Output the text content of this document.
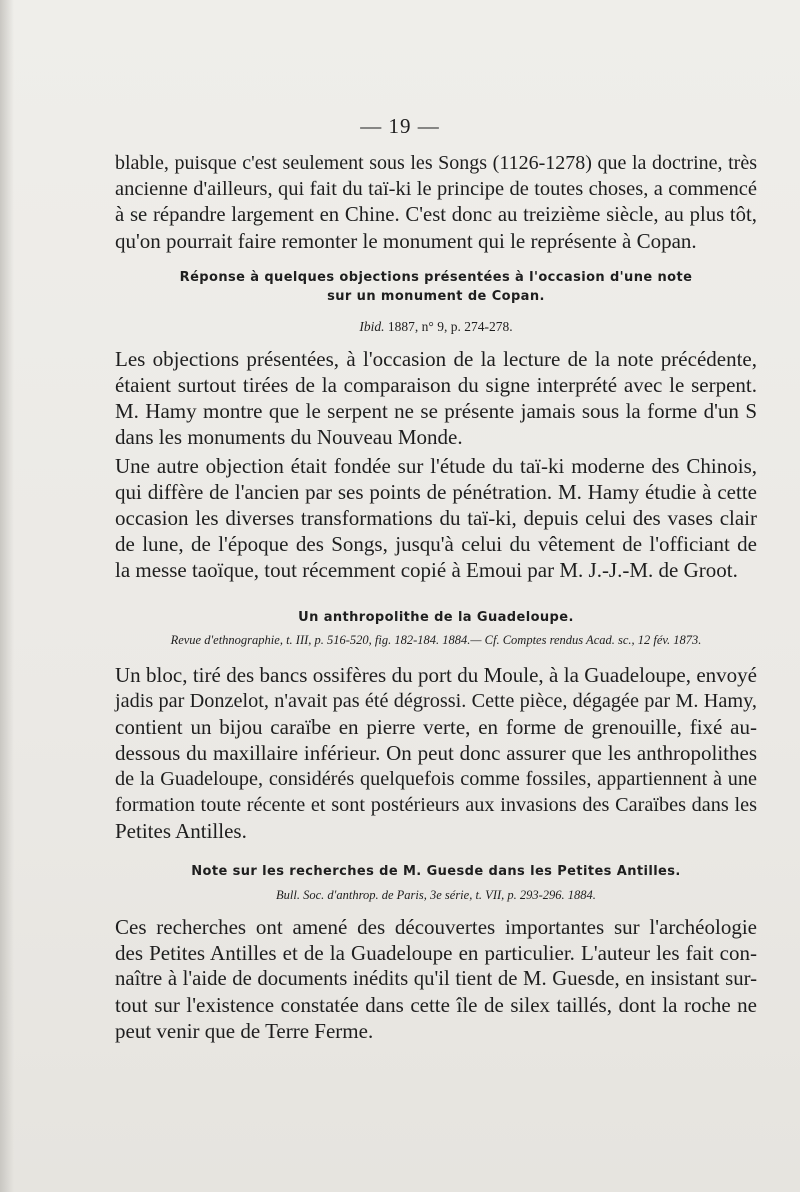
— 19 —
blable, puisque c'est seulement sous les Songs (1126-1278) que la doctrine, très
ancienne d'ailleurs, qui fait du taï-ki le principe de toutes choses, a commencé
à se répandre largement en Chine. C'est donc au treizième siècle, au plus tôt,
qu'on pourrait faire remonter le monument qui le représente à Copan.
Réponse à quelques objections présentées à l'occasion d'une note
sur un monument de Copan.
Ibid. 1887, n° 9, p. 274-278.
Les objections présentées, à l'occasion de la lecture de la note précédente,
étaient surtout tirées de la comparaison du signe interprété avec le serpent.
M. Hamy montre que le serpent ne se présente jamais sous la forme d'un S
dans les monuments du Nouveau Monde.
Une autre objection était fondée sur l'étude du taï-ki moderne des Chinois,
qui diffère de l'ancien par ses points de pénétration. M. Hamy étudie à cette
occasion les diverses transformations du taï-ki, depuis celui des vases clair
de lune, de l'époque des Songs, jusqu'à celui du vêtement de l'officiant de
la messe taoïque, tout récemment copié à Emoui par M. J.-J.-M. de Groot.
Un anthropolithe de la Guadeloupe.
Revue d'ethnographie, t. III, p. 516-520, fig. 182-184. 1884.— Cf. Comptes rendus Acad. sc., 12 fév. 1873.
Un bloc, tiré des bancs ossifères du port du Moule, à la Guadeloupe, envoyé
jadis par Donzelot, n'avait pas été dégrossi. Cette pièce, dégagée par M. Hamy,
contient un bijou caraïbe en pierre verte, en forme de grenouille, fixé au-
dessous du maxillaire inférieur. On peut donc assurer que les anthropolithes
de la Guadeloupe, considérés quelquefois comme fossiles, appartiennent à une
formation toute récente et sont postérieurs aux invasions des Caraïbes dans les
Petites Antilles.
Note sur les recherches de M. Guesde dans les Petites Antilles.
Bull. Soc. d'anthrop. de Paris, 3e série, t. VII, p. 293-296. 1884.
Ces recherches ont amené des découvertes importantes sur l'archéologie
des Petites Antilles et de la Guadeloupe en particulier. L'auteur les fait con-
naître à l'aide de documents inédits qu'il tient de M. Guesde, en insistant sur-
tout sur l'existence constatée dans cette île de silex taillés, dont la roche ne
peut venir que de Terre Ferme.
